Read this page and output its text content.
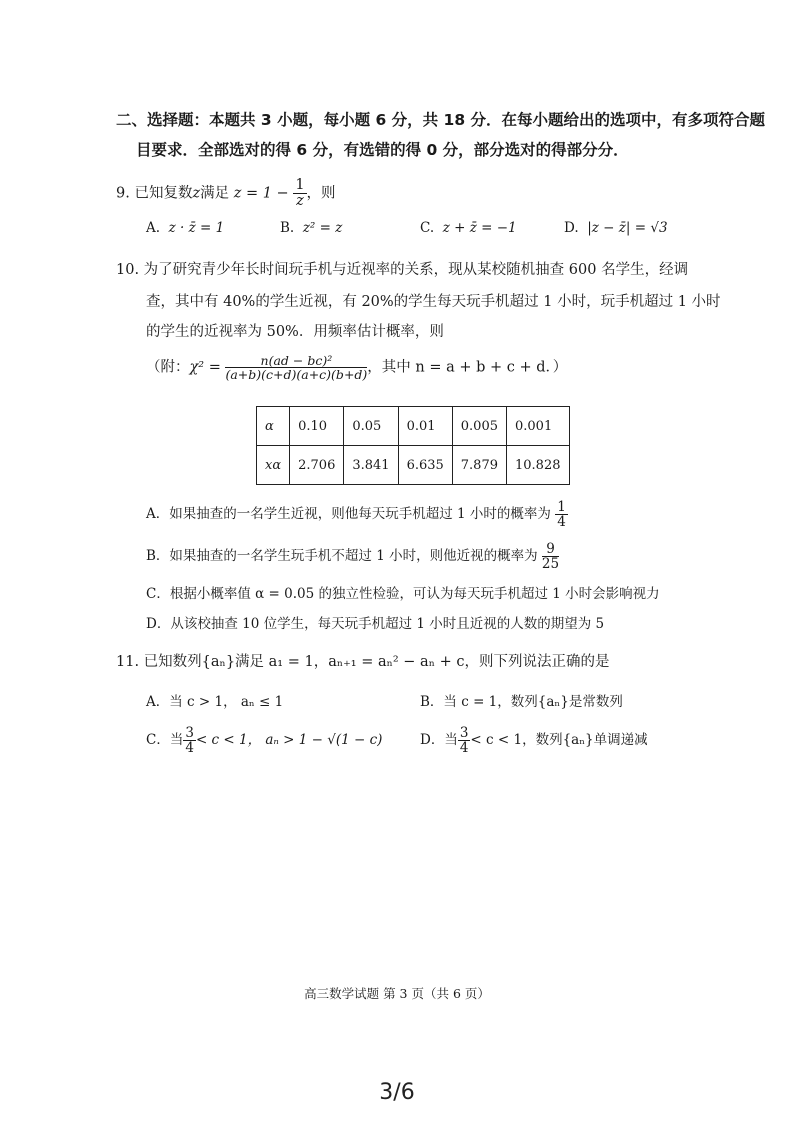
二、选择题：本题共 3 小题，每小题 6 分，共 18 分．在每小题给出的选项中，有多项符合题
目要求．全部选对的得 6 分，有选错的得 0 分，部分选对的得部分分．
9. 已知复数z满足 $z = 1 - \frac{1}{z}$ ，则
A. z · z̄ = 1	B. z² = z	C. z + z̄ = −1	D. |z − z̄| = √3
10. 为了研究青少年长时间玩手机与近视率的关系，现从某校随机抽查 600 名学生，经调
查，其中有 40%的学生近视，有 20%的学生每天玩手机超过 1 小时，玩手机超过 1 小时
的学生的近视率为 50%．用频率估计概率，则
（附：$\chi^2 = \frac{\text{n(ad − bc)²}}{(a+b)(c+d)(a+c)(b+d)}$ ，其中 n = a + b + c + d．）
α	0.10	0.05	0.01	0.005	0.001
xα	2.706	3.841	6.635	7.879	10.828
A．如果抽查的一名学生近视，则他每天玩手机超过 1 小时的概率为 $\frac{1}{4}$
B．如果抽查的一名学生玩手机不超过 1 小时，则他近视的概率为 $\frac{9}{25}$
C．根据小概率值 α = 0.05 的独立性检验，可认为每天玩手机超过 1 小时会影响视力
D．从该校抽查 10 位学生，每天玩手机超过 1 小时且近视的人数的期望为 5
11. 已知数列{aₙ}满足 a₁ = 1，aₙ₊₁ = aₙ² − aₙ + c，则下列说法正确的是
A．当 c > 1， aₙ ≤ 1	B．当 c = 1，数列{aₙ}是常数列
C．当 $\frac{3}{4} < c < 1$， aₙ > 1 − √(1 − c)	D．当 $\frac{3}{4} < c < 1$，数列{aₙ}单调递减
高三数学试题 第 3 页（共 6 页）
3/6
